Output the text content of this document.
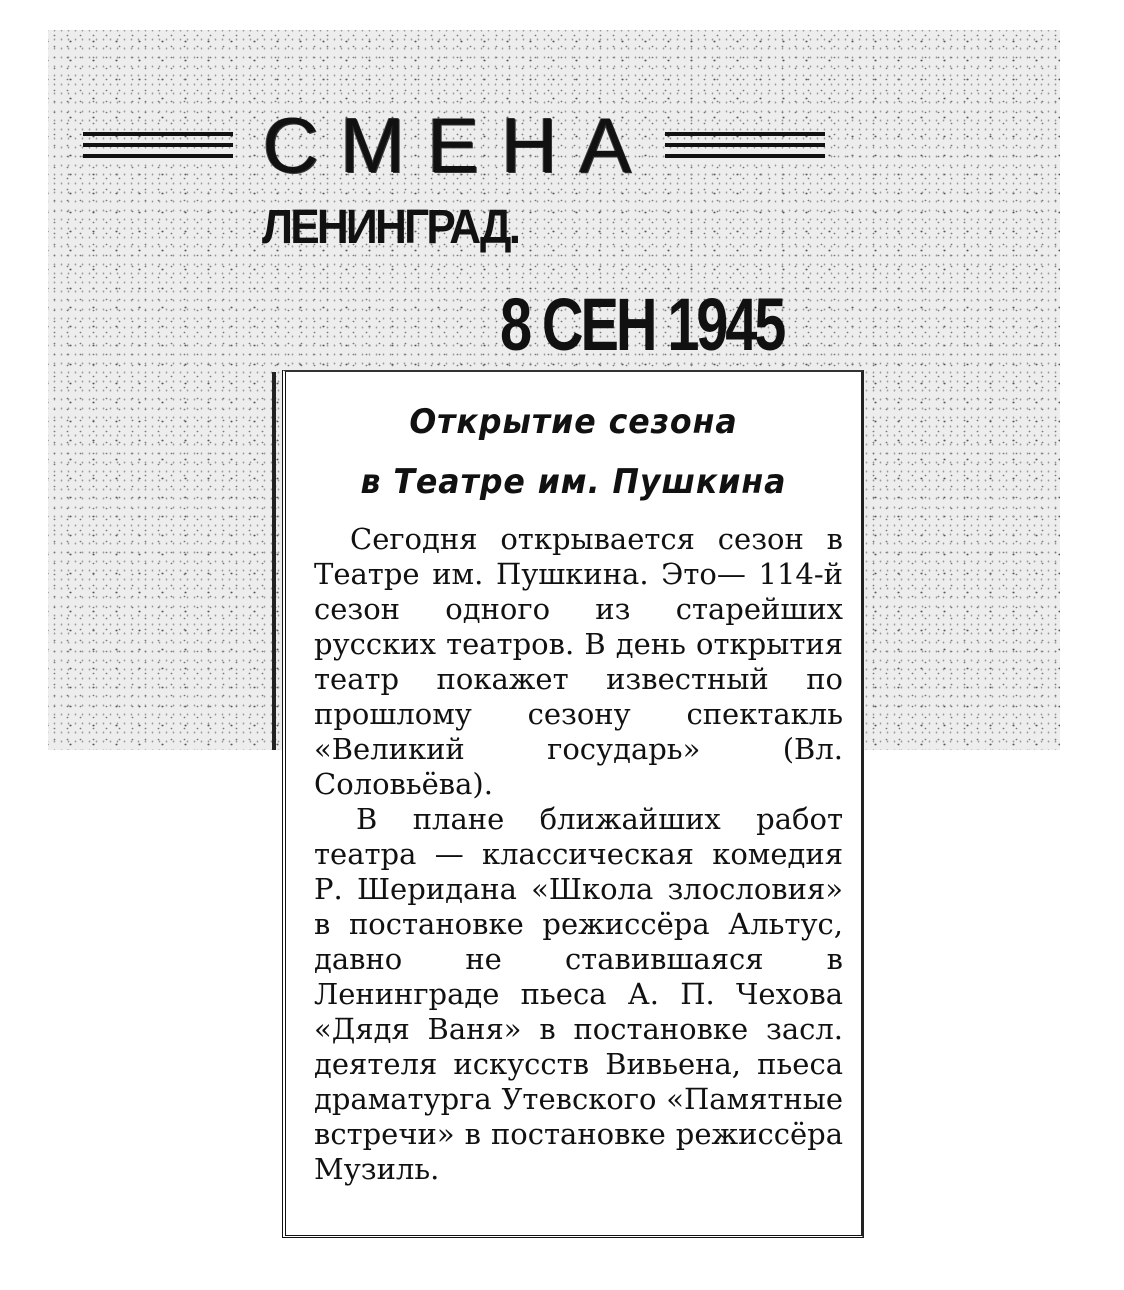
СМЕНА
ЛЕНИНГРАД.
8 СЕН 1945
Открытие сезона
в Театре им. Пушкина

Сегодня открывается сезон в Театре им. Пушкина. Это— 114-й сезон одного из старейших русских театров. В день открытия театр покажет известный по прошлому сезону спектакль «Великий государь» (Вл. Соловьёва).

В плане ближайших работ театра — классическая комедия Р. Шеридана «Школа злословия» в постановке режиссёра Альтус, давно не ставившаяся в Ленинграде пьеса А. П. Чехова «Дядя Ваня» в постановке засл. деятеля искусств Вивьена, пьеса драматурга Утевского «Памятные встречи» в постановке режиссёра Музиль.
